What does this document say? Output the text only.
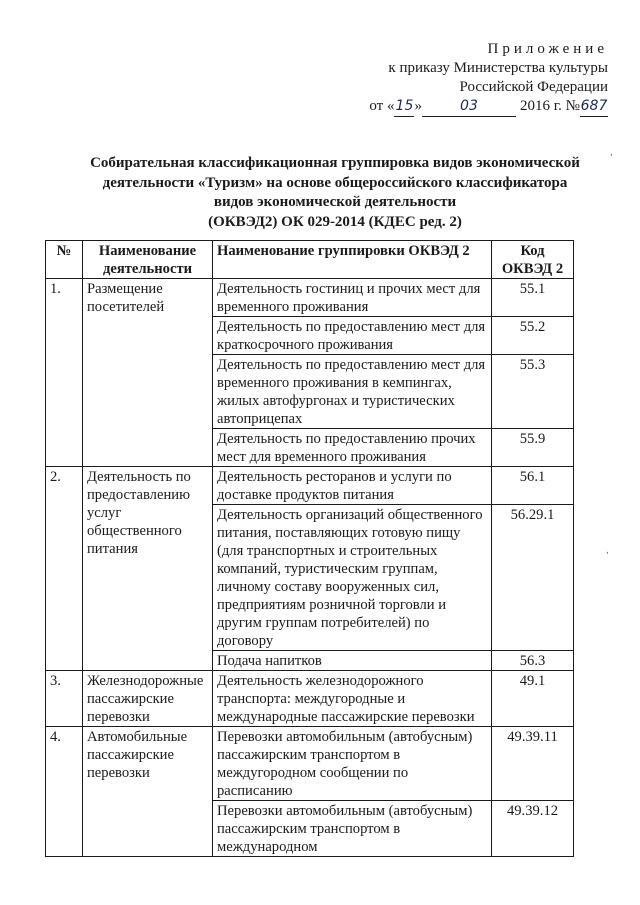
Приложение
к приказу Министерства культуры
Российской Федерации
от « 15 »	03	2016 г. № 687
Собирательная классификационная группировка видов экономической
деятельности «Туризм» на основе общероссийского классификатора
видов экономической деятельности
(ОКВЭД2) ОК 029-2014 (КДЕС ред. 2)
№	Наименование деятельности	Наименование группировки ОКВЭД 2	Код ОКВЭД 2
1.	Размещение посетителей	Деятельность гостиниц и прочих мест для временного проживания	55.1
		Деятельность по предоставлению мест для краткосрочного проживания	55.2
		Деятельность по предоставлению мест для временного проживания в кемпингах, жилых автофургонах и туристических автоприцепах	55.3
		Деятельность по предоставлению прочих мест для временного проживания	55.9
2.	Деятельность по предоставлению услуг общественного питания	Деятельность ресторанов и услуги по доставке продуктов питания	56.1
		Деятельность организаций общественного питания, поставляющих готовую пищу (для транспортных и строительных компаний, туристическим группам, личному составу вооруженных сил, предприятиям розничной торговли и другим группам потребителей) по договору	56.29.1
		Подача напитков	56.3
3.	Железнодорожные пассажирские перевозки	Деятельность железнодорожного транспорта: междугородные и международные пассажирские перевозки	49.1
4.	Автомобильные пассажирские перевозки	Перевозки автомобильным (автобусным) пассажирским транспортом в междугородном сообщении по расписанию	49.39.11
		Перевозки автомобильным (автобусным) пассажирским транспортом в международном	49.39.12
,
,
